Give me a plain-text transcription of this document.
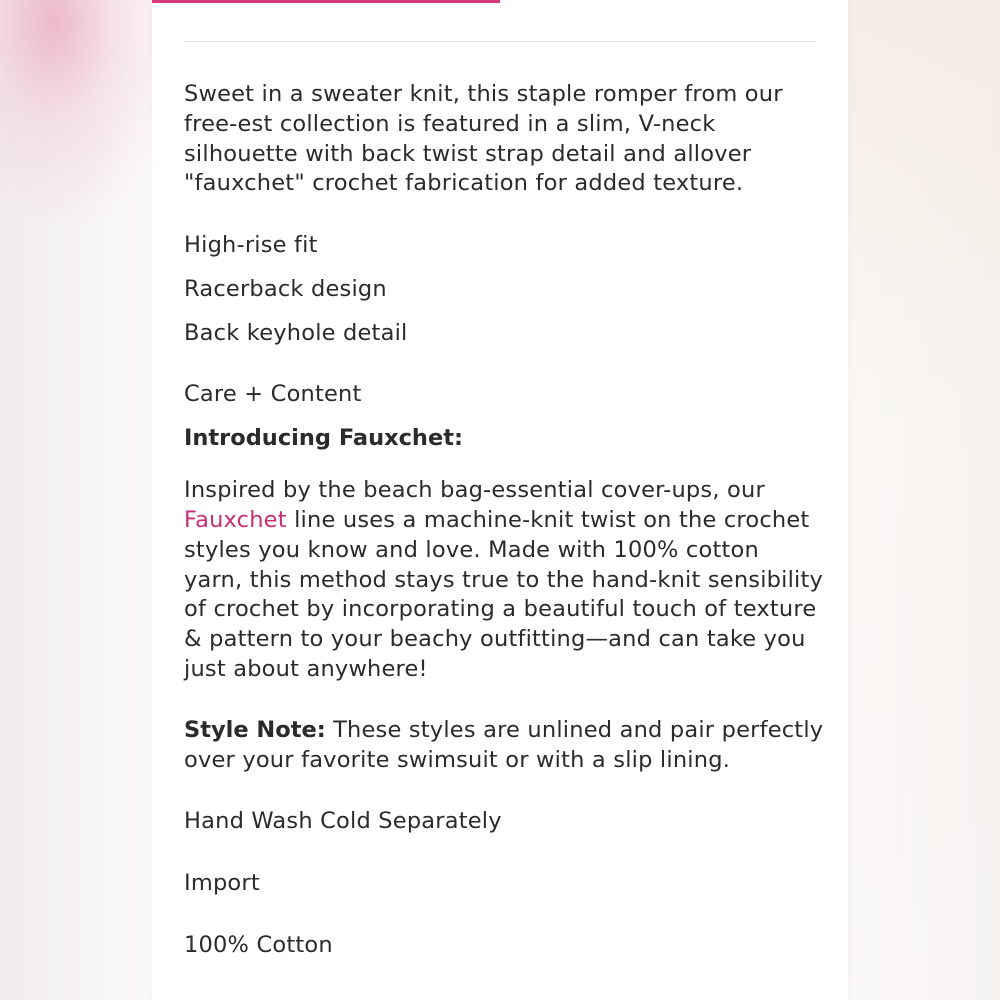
Sweet in a sweater knit, this staple romper from our free-est collection is featured in a slim, V-neck silhouette with back twist strap detail and allover "fauxchet" crochet fabrication for added texture.

High-rise fit

Racerback design

Back keyhole detail

Care + Content

Introducing Fauxchet:

Inspired by the beach bag-essential cover-ups, our Fauxchet line uses a machine-knit twist on the crochet styles you know and love. Made with 100% cotton yarn, this method stays true to the hand-knit sensibility of crochet by incorporating a beautiful touch of texture & pattern to your beachy outfitting—and can take you just about anywhere!

Style Note: These styles are unlined and pair perfectly over your favorite swimsuit or with a slip lining.

Hand Wash Cold Separately

Import

100% Cotton
